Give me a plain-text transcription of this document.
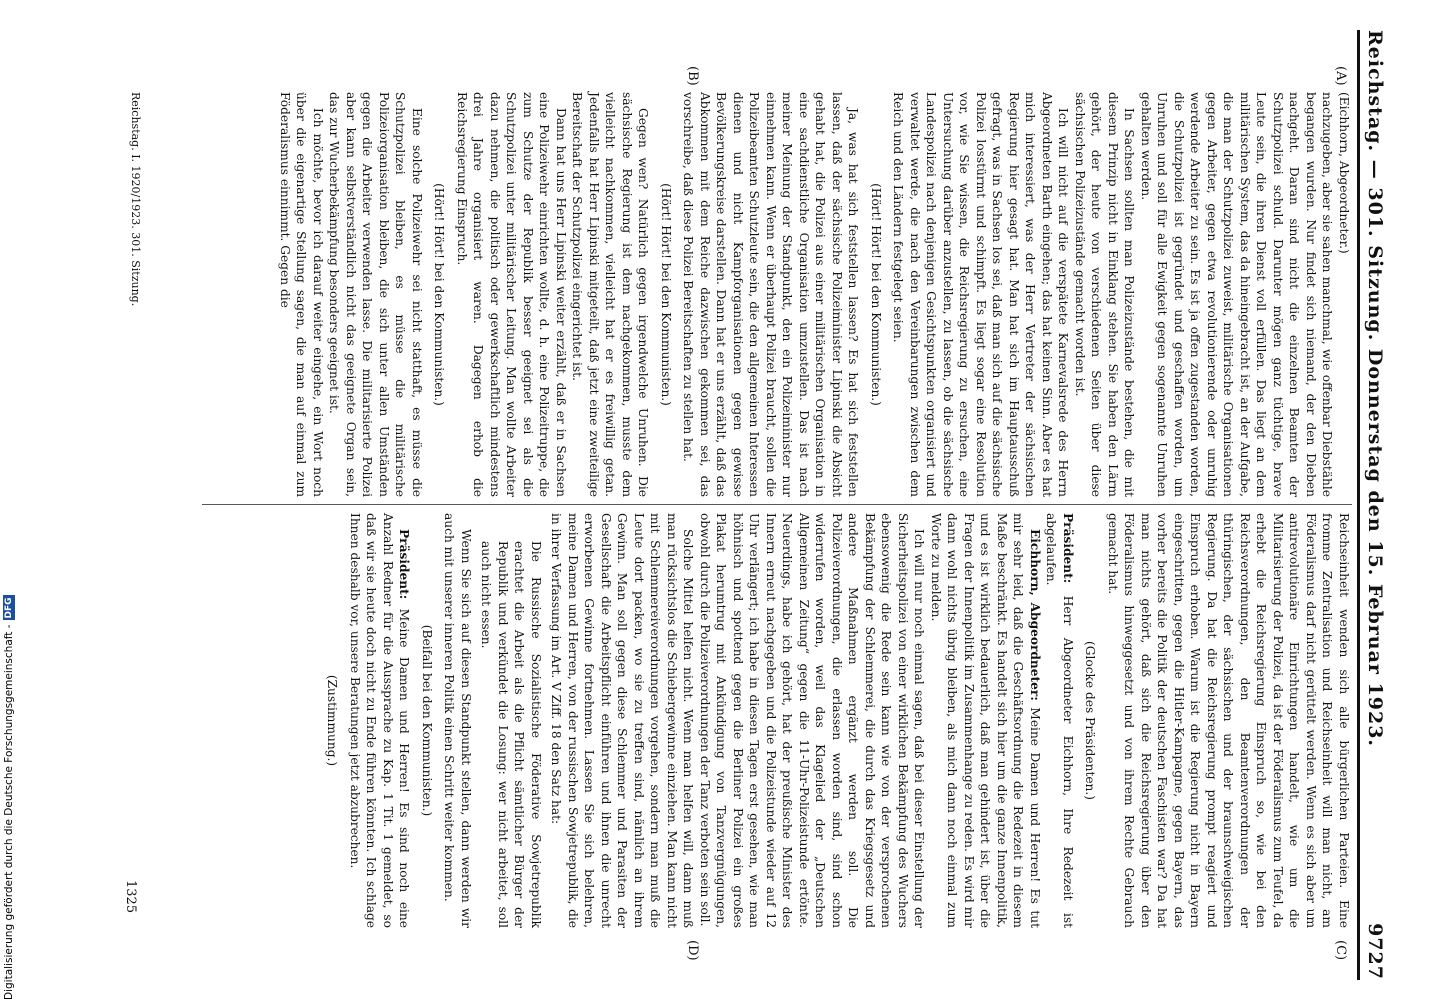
Reichstag. — 301. Sitzung. Donnerstag den 15. Februar 1923.
9727
(A)
(B)
(C)
(D)

(Eichhorn, Abgeordneter.)

nachzugeben, aber sie sahen manchmal, wie offenbar Diebstähle begangen wurden. Nur findet sich niemand, der den Dieben nachgeht. Daran sind nicht die einzelnen Beamten der Schutzpolizei schuld. Darunter mögen ganz tüchtige, brave Leute sein, die ihren Dienst voll erfüllen. Das liegt an dem militärischen System, das da hineingebracht ist, an der Aufgabe, die man der Schutzpolizei zuweist, militärische Organisationen gegen Arbeiter, gegen etwa revolutionierende oder unruhig werdende Arbeiter zu sein. Es ist ja offen zugestanden worden, die Schutzpolizei ist gegründet und geschaffen worden, um Unruhen und soll für alle Ewigkeit gegen sogenannte Unruhen gehalten werden.

In Sachsen sollten man Polizeizustände bestehen, die mit diesem Prinzip nicht in Einklang stehen. Sie haben den Lärm gehört, der heute von verschiedenen Seiten über diese sächsischen Polizeizustände gemacht worden ist.

Ich will nicht auf die verspätete Karnevalsrede des Herrn Abgeordneten Barth eingehen; das hat keinen Sinn. Aber es hat mich interessiert, was der Herr Vertreter der sächsischen Regierung hier gesagt hat. Man hat sich im Hauptausschuß gefragt, was in Sachsen los sei, daß man sich auf die sächsische Polizei losstürmt und schimpft. Es liegt sogar eine Resolution vor, wie Sie wissen, die Reichsregierung zu ersuchen, eine Untersuchung darüber anzustellen, zu lassen, ob die sächsische Landespolizei nach denjenigen Gesichtspunkten organisiert und verwaltet werde, die nach den Vereinbarungen zwischen dem Reich und den Ländern festgelegt seien.

(Hört! Hört! bei den Kommunisten.)

Ja, was hat sich feststellen lassen? Es hat sich feststellen lassen, daß der sächsische Polizeiminister Lipinski die Absicht gehabt hat, die Polizei aus einer militärischen Organisation in eine sachdienstliche Organisation umzustellen. Das ist nach meiner Meinung der Standpunkt, den ein Polizeiminister nur einnehmen kann. Wenn er überhaupt Polizei braucht, sollen die Polizeibeamten Schutzleute sein, die den allgemeinen Interessen dienen und nicht Kampforganisationen gegen gewisse Bevölkerungskreise darstellen. Dann hat er uns erzählt, daß das Abkommen mit dem Reiche dazwischen gekommen sei, das vorschreibe, daß diese Polizei Bereitschaften zu stellen hat.

(Hört! Hört! bei den Kommunisten.)

Gegen wen? Natürlich gegen irgendwelche Unruhen. Die sächsische Regierung ist dem nachgekommen, musste dem vielleicht nachkommen, vielleicht hat er es freiwillig getan. Jedenfalls hat Herr Lipinski mitgeteilt, daß jetzt eine zweiteilige Bereitschaft der Schutzpolizei eingerichtet ist.

Dann hat uns Herr Lipinski weiter erzählt, daß er in Sachsen eine Polizeiwehr einrichten wollte, d. h. eine Polizeitruppe, die zum Schutze der Republik besser geeignet sei als die Schutzpolizei unter militärischer Leitung. Man wollte Arbeiter dazu nehmen, die politisch oder gewerkschaftlich mindestens drei Jahre organisiert waren. Dagegen erhob die Reichsregierung Einspruch.

(Hört! Hört! bei den Kommunisten.)

Eine solche Polizeiwehr sei nicht statthaft, es müsse die Schutzpolizei bleiben, es müsse die militärische Polizeiorganisation bleiben, die sich unter allen Umständen gegen die Arbeiter verwenden lasse. Die militarisierte Polizei aber kann selbstverständlich nicht das geeignete Organ sein, das zur Wucherbekämpfung besonders geeignet ist.

Ich möchte, bevor ich darauf weiter eingehe, ein Wort noch über die eigenartige Stellung sagen, die man auf einmal zum Föderalismus einnimmt. Gegen die

Reichseinheit wenden sich alle bürgerlichen Parteien. Eine fromme Zentralisation und Reichseinheit will man nicht, am Föderalismus darf nicht gerüttelt werden. Wenn es sich aber um antirevolutionäre Einrichtungen handelt, wie um die Militarisierung der Polizei, da ist der Föderalismus zum Teufel, da erhebt die Reichsregierung Einspruch so, wie bei den Reichsverordnungen, den Beamtenverordnungen der thüringischen, der sächsischen und der braunschweigischen Regierung. Da hat die Reichsregierung prompt reagiert und Einspruch erhoben. Warum ist die Regierung nicht in Bayern eingeschritten, gegen die Hitler-Kampagne, gegen Bayern, das vorher bereits die Politik der deutschen Faschisten war? Da hat man nichts gehört, daß sich die Reichsregierung über den Föderalismus hinweggesetzt und von ihrem Rechte Gebrauch gemacht hat.

(Glocke des Präsidenten.)

Präsident: Herr Abgeordneter Eichhorn, Ihre Redezeit ist abgelaufen.

Eichhorn, Abgeordneter: Meine Damen und Herren! Es tut mir sehr leid, daß die Geschäftsordnung die Redezeit in diesem Maße beschränkt. Es handelt sich hier um die ganze Innenpolitik, und es ist wirklich bedauerlich, daß man gehindert ist, über die Fragen der Innenpolitik im Zusammenhange zu reden. Es wird mir dann wohl nichts übrig bleiben, als mich dann noch einmal zum Worte zu melden.

Ich will nur noch einmal sagen, daß bei dieser Einstellung der Sicherheitspolizei von einer wirklichen Bekämpfung des Wuchers ebensowenig die Rede sein kann wie von der versprochenen Bekämpfung der Schlemmerei, die durch das Kriegsgesetz und andere Maßnahmen ergänzt werden soll. Die Polizeiverordnungen, die erlassen worden sind, sind schon widerrufen worden, weil das Klagelied der „Deutschen Allgemeinen Zeitung“ gegen die 11-Uhr-Polizeistunde ertönte. Neuerdings, habe ich gehört, hat der preußische Minister des Innern erneut nachgegeben und die Polizeistunde wieder auf 12 Uhr verlängert; ich habe in diesen Tagen erst gesehen, wie man höhnisch und spottend gegen die Berliner Polizei ein großes Plakat herumtrug mit Ankündigung von Tanzvergnügungen, obwohl durch die Polizeiverordnungen der Tanz verboten sein soll.

Solche Mittel helfen nicht. Wenn man helfen will, dann muß man rücksichtslos die Schiebergewinne einziehen. Man kann nicht mit Schlemmereiverordnungen vorgehen, sondern man muß die Leute dort packen, wo sie zu treffen sind, nämlich an ihrem Gewinn. Man soll gegen diese Schlemmer und Parasiten der Gesellschaft die Arbeitspflicht einführen und ihnen die unrecht erworbenen Gewinne fortnehmen. Lassen Sie sich belehren, meine Damen und Herren, von der russischen Sowjetrepublik, die in ihrer Verfassung im Art. V Ziff. 18 den Satz hat:

Die Russische Sozialistische Föderative Sowjetrepublik erachtet die Arbeit als die Pflicht sämtlicher Bürger der Republik und verkündet die Losung: wer nicht arbeitet, soll auch nicht essen.

Wenn Sie sich auf diesen Standpunkt stellen, dann werden wir auch mit unserer inneren Politik einen Schritt weiter kommen.

(Beifall bei den Kommunisten.)

Präsident: Meine Damen und Herren! Es sind noch eine Anzahl Redner für die Aussprache zu Kap. 1 Tit. 1 gemeldet, so daß wir sie heute doch nicht zu Ende führen könnten. Ich schlage Ihnen deshalb vor, unsere Beratungen jetzt abzubrechen.

(Zustimmung.)

Reichstag. I. 1920/1923. 301. Sitzung.
1325
Digitalisierung gefördert durch die Deutsche Forschungsgemeinschaft -
DFG
